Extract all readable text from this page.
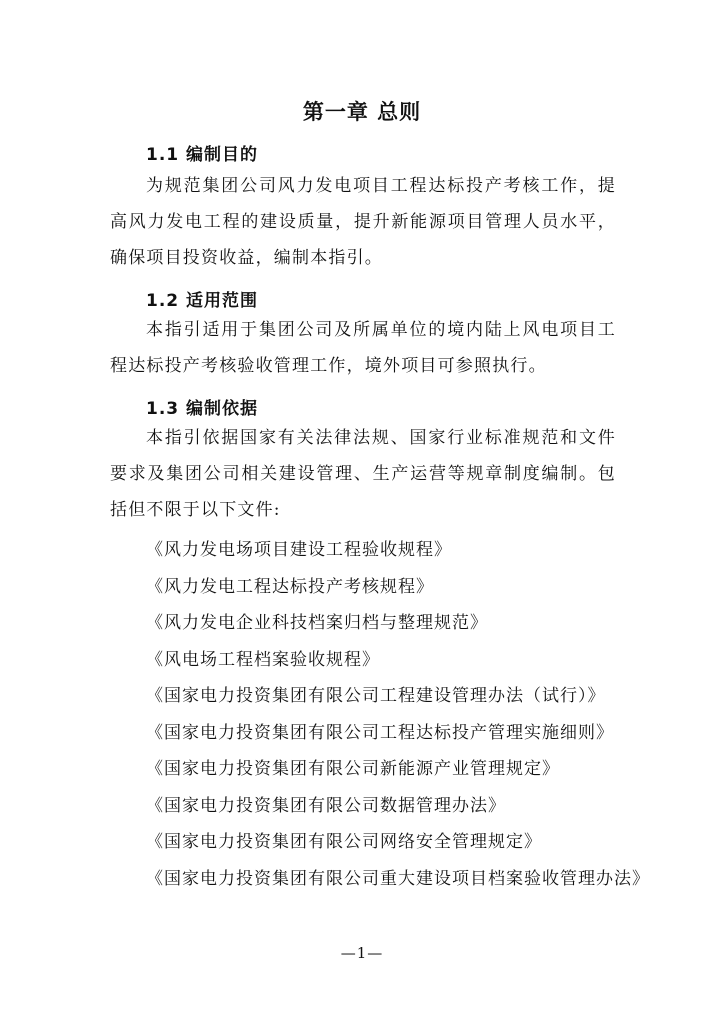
第一章 总则
1.1 编制目的

为规范集团公司风力发电项目工程达标投产考核工作，提高风力发电工程的建设质量，提升新能源项目管理人员水平，确保项目投资收益，编制本指引。

1.2 适用范围

本指引适用于集团公司及所属单位的境内陆上风电项目工程达标投产考核验收管理工作，境外项目可参照执行。

1.3 编制依据

本指引依据国家有关法律法规、国家行业标准规范和文件要求及集团公司相关建设管理、生产运营等规章制度编制。包括但不限于以下文件:

《风力发电场项目建设工程验收规程》
《风力发电工程达标投产考核规程》
《风力发电企业科技档案归档与整理规范》
《风电场工程档案验收规程》
《国家电力投资集团有限公司工程建设管理办法（试行）》
《国家电力投资集团有限公司工程达标投产管理实施细则》
《国家电力投资集团有限公司新能源产业管理规定》
《国家电力投资集团有限公司数据管理办法》
《国家电力投资集团有限公司网络安全管理规定》
《国家电力投资集团有限公司重大建设项目档案验收管理办法》
—1—
